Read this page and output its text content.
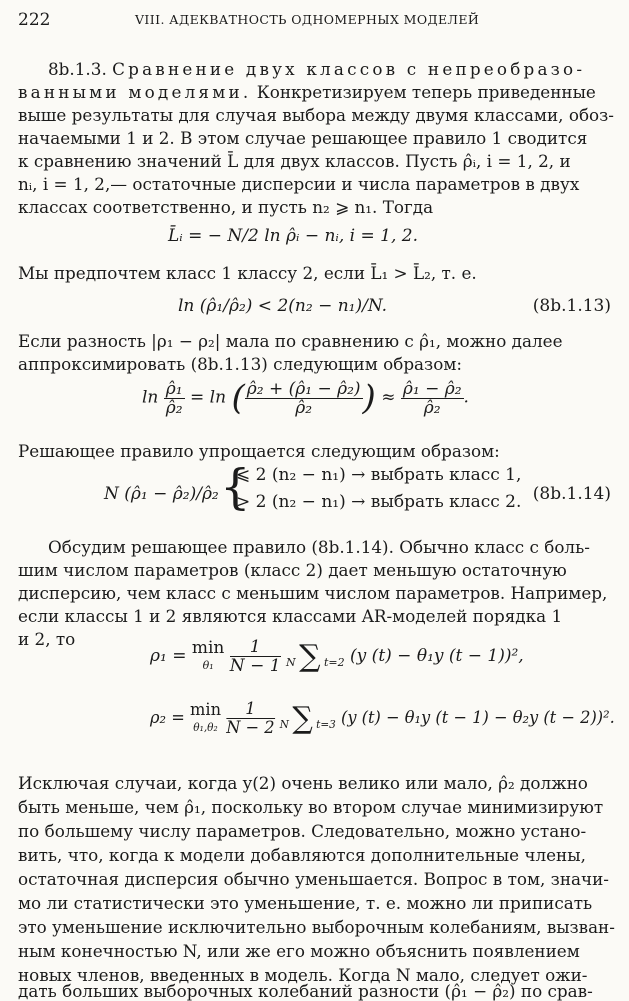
222	VIII. АДЕКВАТНОСТЬ ОДНОМЕРНЫХ МОДЕЛЕЙ
8b.1.3. Сравнение двух классов с непреобразо-
ванными моделями. Конкретизируем теперь приведенные
выше результаты для случая выбора между двумя классами, обоз-
начаемыми 1 и 2. В этом случае решающее правило 1 сводится
к сравнению значений L̄ для двух классов. Пусть ρ̂ᵢ, i = 1, 2, и
nᵢ, i = 1, 2,— остаточные дисперсии и числа параметров в двух
классах соответственно, и пусть n₂ ⩾ n₁. Тогда
L̄ᵢ = − N/2 ln ρ̂ᵢ − nᵢ, i = 1, 2.
Мы предпочтем класс 1 классу 2, если L̄₁ > L̄₂, т. е.
ln (ρ̂₁/ρ̂₂) < 2(n₂ − n₁)/N.	(8b.1.13)
Если разность |ρ₁ − ρ₂| мала по сравнению с ρ̂₁, можно далее
аппроксимировать (8b.1.13) следующим образом:
$\ln \frac{\text{ρ̂₁}}{\text{ρ̂₂}} = \ln$ ( $\frac{\text{ρ̂₂ + (ρ̂₁ − ρ̂₂)}}{\text{ρ̂₂}}$ ) ≈ $\frac{\text{ρ̂₁ − ρ̂₂}}{\text{ρ̂₂}}$ .
Решающее правило упрощается следующим образом:
N (ρ̂₁ − ρ̂₂)/ρ̂₂ {
⩽ 2 (n₂ − n₁) → выбрать класс 1,
> 2 (n₂ − n₁) → выбрать класс 2. (8b.1.14)
Обсудим решающее правило (8b.1.14). Обычно класс с боль-
шим числом параметров (класс 2) дает меньшую остаточную
дисперсию, чем класс с меньшим числом параметров. Например,
если классы 1 и 2 являются классами AR-моделей порядка 1
и 2, то
ρ₁ = min
θ₁
$\frac{1}{N - 1}$ N ∑ t=2 (y (t) − θ₁y (t − 1))²,
ρ₂ = min
θ₁,θ₂
$\frac{1}{N - 2}$ N ∑ t=3 (y (t) − θ₁y (t − 1) − θ₂y (t − 2))².
Исключая случаи, когда y(2) очень велико или мало, ρ̂₂ должно
быть меньше, чем ρ̂₁, поскольку во втором случае минимизируют
по большему числу параметров. Следовательно, можно устано-
вить, что, когда к модели добавляются дополнительные члены,
остаточная дисперсия обычно уменьшается. Вопрос в том, значи-
мо ли статистически это уменьшение, т. е. можно ли приписать
это уменьшение исключительно выборочным колебаниям, вызван-
ным конечностью N, или же его можно объяснить появлением
новых членов, введенных в модель. Когда N мало, следует ожи-
дать больших выборочных колебаний разности (ρ̂₁ − ρ̂₂) по срав-
